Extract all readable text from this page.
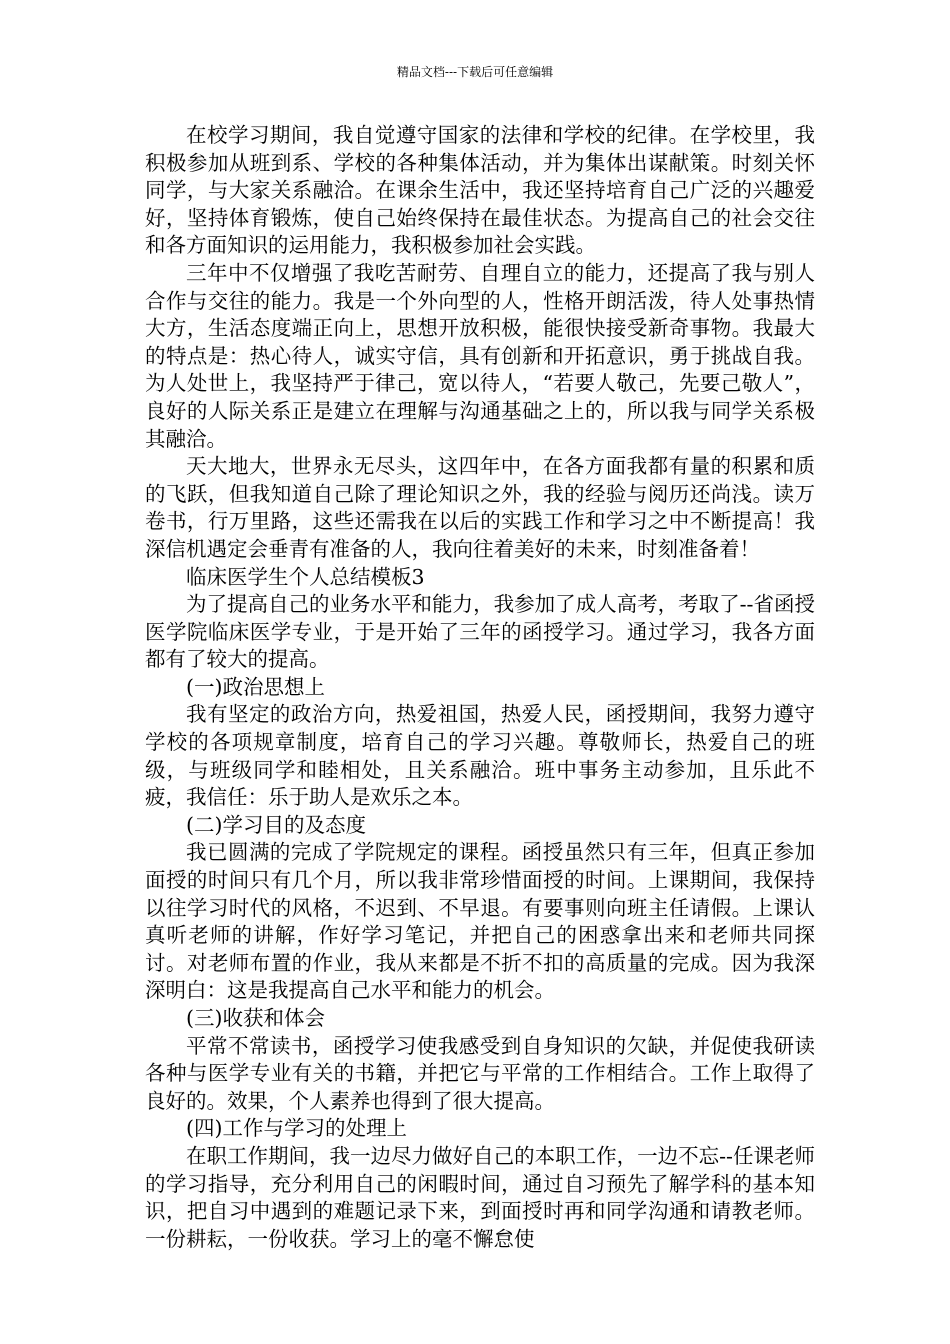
精品文档---下载后可任意编辑

在校学习期间，我自觉遵守国家的法律和学校的纪律。在学校里，我积极参加从班到系、学校的各种集体活动，并为集体出谋献策。时刻关怀同学，与大家关系融洽。在课余生活中，我还坚持培育自己广泛的兴趣爱好，坚持体育锻炼，使自己始终保持在最佳状态。为提高自己的社会交往和各方面知识的运用能力，我积极参加社会实践。

三年中不仅增强了我吃苦耐劳、自理自立的能力，还提高了我与别人合作与交往的能力。我是一个外向型的人，性格开朗活泼，待人处事热情大方，生活态度端正向上，思想开放积极，能很快接受新奇事物。我最大的特点是：热心待人，诚实守信，具有创新和开拓意识，勇于挑战自我。为人处世上，我坚持严于律己，宽以待人，“若要人敬己，先要己敬人”，良好的人际关系正是建立在理解与沟通基础之上的，所以我与同学关系极其融洽。

天大地大，世界永无尽头，这四年中，在各方面我都有量的积累和质的飞跃，但我知道自己除了理论知识之外，我的经验与阅历还尚浅。读万卷书，行万里路，这些还需我在以后的实践工作和学习之中不断提高！我深信机遇定会垂青有准备的人，我向往着美好的未来，时刻准备着！

临床医学生个人总结模板3

为了提高自己的业务水平和能力，我参加了成人高考，考取了--省函授医学院临床医学专业，于是开始了三年的函授学习。通过学习，我各方面都有了较大的提高。

(一)政治思想上

我有坚定的政治方向，热爱祖国，热爱人民，函授期间，我努力遵守学校的各项规章制度，培育自己的学习兴趣。尊敬师长，热爱自己的班级，与班级同学和睦相处，且关系融洽。班中事务主动参加，且乐此不疲，我信任：乐于助人是欢乐之本。

(二)学习目的及态度

我已圆满的完成了学院规定的课程。函授虽然只有三年，但真正参加面授的时间只有几个月，所以我非常珍惜面授的时间。上课期间，我保持以往学习时代的风格，不迟到、不早退。有要事则向班主任请假。上课认真听老师的讲解，作好学习笔记，并把自己的困惑拿出来和老师共同探讨。对老师布置的作业，我从来都是不折不扣的高质量的完成。因为我深深明白：这是我提高自己水平和能力的机会。

(三)收获和体会

平常不常读书，函授学习使我感受到自身知识的欠缺，并促使我研读各种与医学专业有关的书籍，并把它与平常的工作相结合。工作上取得了良好的。效果，个人素养也得到了很大提高。

(四)工作与学习的处理上

在职工作期间，我一边尽力做好自己的本职工作，一边不忘--任课老师的学习指导，充分利用自己的闲暇时间，通过自习预先了解学科的基本知识，把自习中遇到的难题记录下来，到面授时再和同学沟通和请教老师。一份耕耘，一份收获。学习上的毫不懈怠使
